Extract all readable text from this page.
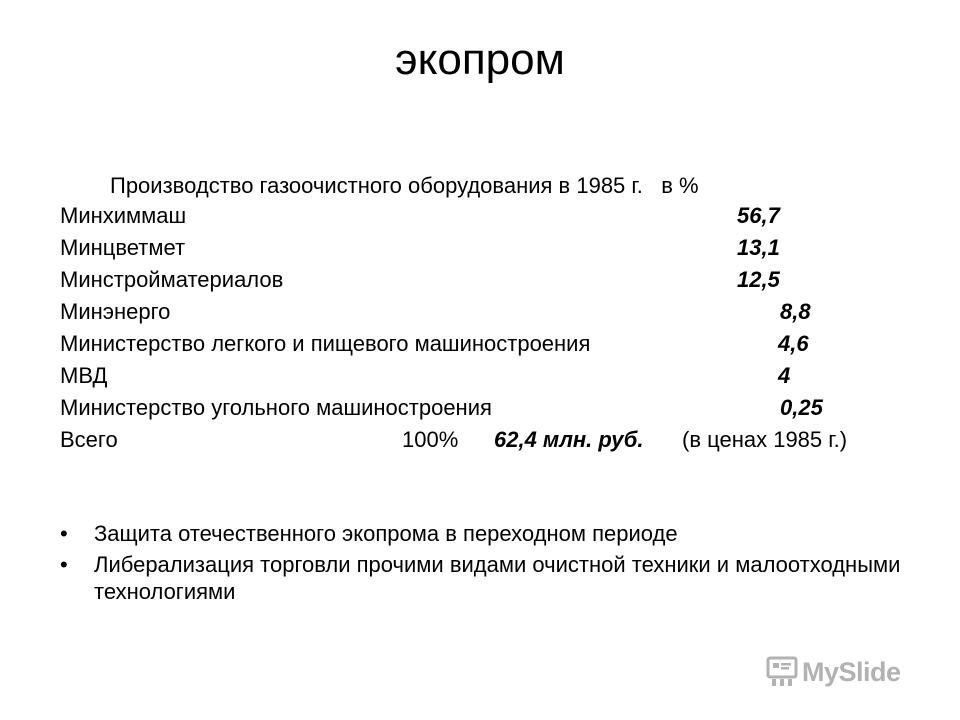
экопром
Производство газоочистного оборудования в 1985 г.   в %
Минхиммаш	56,7
Минцветмет	13,1
Минстройматериалов	12,5
Минэнерго	8,8
Министерство легкого и пищевого машиностроения	4,6
МВД	4
Министерство угольного машиностроения	0,25
Всего	100% 62,4 млн. руб. (в ценах 1985 г.)
• Защита отечественного экопрома в переходном периоде
• Либерализация торговли прочими видами очистной техники и малоотходными технологиями
MySlide
